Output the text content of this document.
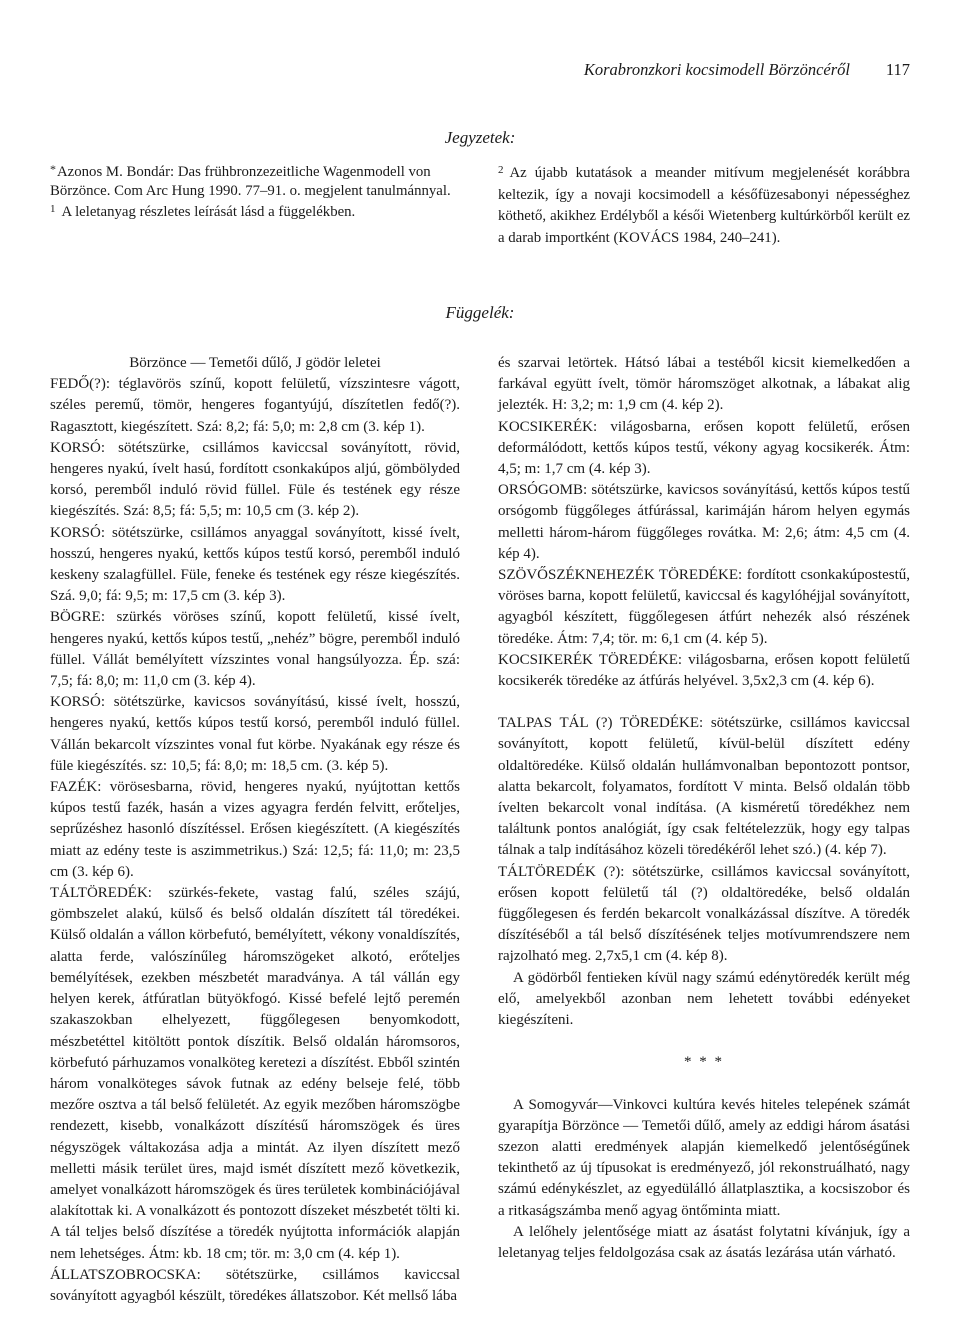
Korabronzkori kocsimodell Börzöncéről	117
Jegyzetek:

*Azonos M. Bondár: Das frühbronzezeitliche Wagenmodell von Börzönce. Com Arc Hung 1990. 77–91. o. megjelent tanulmánnyal.

$^1$ A leletanyag részletes leírását lásd a függelékben.

$^2$ Az újabb kutatások a meander mitívum megjelenését korábbra keltezik, így a novaji kocsimodell a későfüzesabonyi népességhez köthető, akikhez Erdélyből a késői Wietenberg kultúrkörből került ez a darab importként (KOVÁCS 1984, 240–241).

Függelék:

Börzönce — Temetői dűlő, J gödör leletei

FEDŐ(?): téglavörös színű, kopott felületű, vízszintesre vágott, széles peremű, tömör, hengeres fogantyújú, díszítetlen fedő(?). Ragasztott, kiegészített. Szá: 8,2; fá: 5,0; m: 2,8 cm (3. kép 1).

KORSÓ: sötétszürke, csillámos kaviccsal soványított, rövid, hengeres nyakú, ívelt hasú, fordított csonkakúpos aljú, gömbölyded korsó, peremből induló rövid füllel. Füle és testének egy része kiegészítés. Szá: 8,5; fá: 5,5; m: 10,5 cm (3. kép 2).

KORSÓ: sötétszürke, csillámos anyaggal soványított, kissé ívelt, hosszú, hengeres nyakú, kettős kúpos testű korsó, peremből induló keskeny szalagfüllel. Füle, feneke és testének egy része kiegészítés. Szá. 9,0; fá: 9,5; m: 17,5 cm (3. kép 3).

BÖGRE: szürkés vöröses színű, kopott felületű, kissé ívelt, hengeres nyakú, kettős kúpos testű, „nehéz” bögre, peremből induló füllel. Vállát bemélyített vízszintes vonal hangsúlyozza. Ép. szá: 7,5; fá: 8,0; m: 11,0 cm (3. kép 4).

KORSÓ: sötétszürke, kavicsos soványítású, kissé ívelt, hosszú, hengeres nyakú, kettős kúpos testű korsó, peremből induló füllel. Vállán bekarcolt vízszintes vonal fut körbe. Nyakának egy része és füle kiegészítés. sz: 10,5; fá: 8,0; m: 18,5 cm. (3. kép 5).

FAZÉK: vörösesbarna, rövid, hengeres nyakú, nyújtottan kettős kúpos testű fazék, hasán a vizes agyagra ferdén felvitt, erőteljes, seprűzéshez hasonló díszítéssel. Erősen kiegészített. (A kiegészítés miatt az edény teste is aszimmetrikus.) Szá: 12,5; fá: 11,0; m: 23,5 cm (3. kép 6).

TÁLTÖREDÉK: szürkés-fekete, vastag falú, széles szájú, gömbszelet alakú, külső és belső oldalán díszített tál töredékei. Külső oldalán a vállon körbefutó, bemélyített, vékony vonaldíszítés, alatta ferde, valószínűleg háromszögeket alkotó, erőteljes bemélyítések, ezekben mészbetét maradványa. A tál vállán egy helyen kerek, átfúratlan bütyökfogó. Kissé befelé lejtő peremén szakaszokban elhelyezett, függőlegesen benyomkodott, mészbetéttel kitöltött pontok díszítik. Belső oldalán háromsoros, körbefutó párhuzamos vonalköteg keretezi a díszítést. Ebből szintén három vonalköteges sávok futnak az edény belseje felé, több mezőre osztva a tál belső felületét. Az egyik mezőben háromszögbe rendezett, kisebb, vonalkázott díszítésű háromszögek és üres négyszögek váltakozása adja a mintát. Az ilyen díszített mező melletti másik terület üres, majd ismét díszített mező következik, amelyet vonalkázott háromszögek és üres területek kombinációjával alakítottak ki. A vonalkázott és pontozott díszeket mészbetét tölti ki. A tál teljes belső díszítése a töredék nyújtotta információk alapján nem lehetséges. Átm: kb. 18 cm; tör. m: 3,0 cm (4. kép 1).

ÁLLATSZOBROCSKA: sötétszürke, csillámos kaviccsal soványított agyagból készült, töredékes állatszobor. Két mellső lába

és szarvai letörtek. Hátsó lábai a testéből kicsit kiemelkedően a farkával együtt ívelt, tömör háromszöget alkotnak, a lábakat alig jelezték. H: 3,2; m: 1,9 cm (4. kép 2).

KOCSIKERÉK: világosbarna, erősen kopott felületű, erősen deformálódott, kettős kúpos testű, vékony agyag kocsikerék. Átm: 4,5; m: 1,7 cm (4. kép 3).

ORSÓGOMB: sötétszürke, kavicsos soványítású, kettős kúpos testű orsógomb függőleges átfúrással, karimáján három helyen egymás melletti három-három függőleges rovátka. M: 2,6; átm: 4,5 cm (4. kép 4).

SZÖVŐSZÉKNEHEZÉK TÖREDÉKE: fordított csonkakúpostestű, vöröses barna, kopott felületű, kaviccsal és kagylóhéjjal soványított, agyagból készített, függőlegesen átfúrt nehezék alsó részének töredéke. Átm: 7,4; tör. m: 6,1 cm (4. kép 5).

KOCSIKERÉK TÖREDÉKE: világosbarna, erősen kopott felületű kocsikerék töredéke az átfúrás helyével. 3,5x2,3 cm (4. kép 6).

TALPAS TÁL (?) TÖREDÉKE: sötétszürke, csillámos kaviccsal soványított, kopott felületű, kívül-belül díszített edény oldaltöredéke. Külső oldalán hullámvonalban bepontozott pontsor, alatta bekarcolt, folyamatos, fordított V minta. Belső oldalán több ívelten bekarcolt vonal indítása. (A kisméretű töredékhez nem találtunk pontos analógiát, így csak feltételezzük, hogy egy talpas tálnak a talp indításához közeli töredékéről lehet szó.) (4. kép 7).

TÁLTÖREDÉK (?): sötétszürke, csillámos kaviccsal soványított, erősen kopott felületű tál (?) oldaltöredéke, belső oldalán függőlegesen és ferdén bekarcolt vonalkázással díszítve. A töredék díszítéséből a tál belső díszítésének teljes motívumrendszere nem rajzolható meg. 2,7x5,1 cm (4. kép 8).

A gödörből fentieken kívül nagy számú edénytöredék került még elő, amelyekből azonban nem lehetett további edényeket kiegészíteni.

* * *

A Somogyvár—Vinkovci kultúra kevés hiteles telepének számát gyarapítja Börzönce — Temetői dűlő, amely az eddigi három ásatási szezon alatti eredmények alapján kiemelkedő jelentőségűnek tekinthető az új típusokat is eredményező, jól rekonstruálható, nagy számú edénykészlet, az egyedülálló állatplasztika, a kocsiszobor és a ritkaságszámba menő agyag öntőminta miatt.

A lelőhely jelentősége miatt az ásatást folytatni kívánjuk, így a leletanyag teljes feldolgozása csak az ásatás lezárása után várható.
